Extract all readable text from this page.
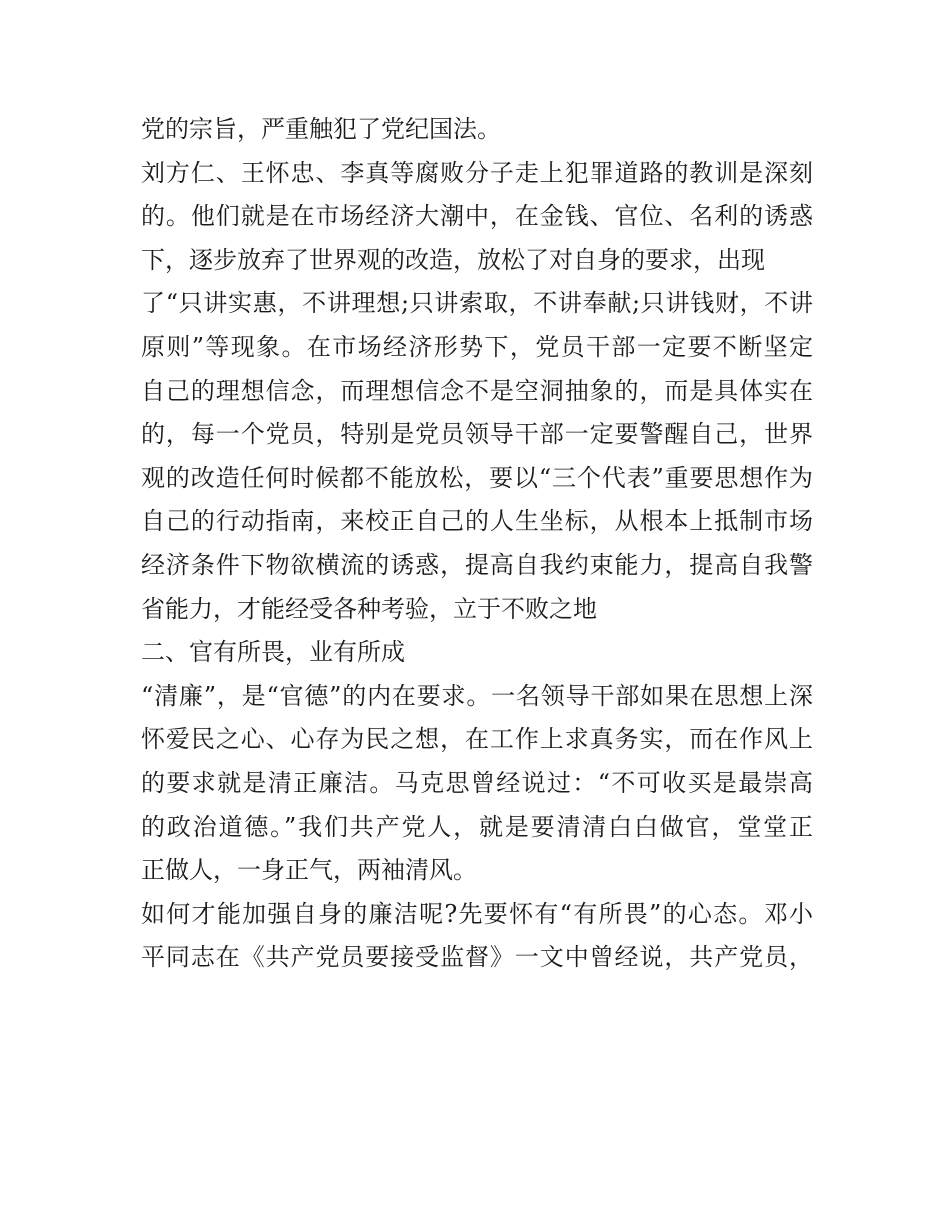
党的宗旨，严重触犯了党纪国法。
刘方仁、王怀忠、李真等腐败分子走上犯罪道路的教训是深刻
的。他们就是在市场经济大潮中，在金钱、官位、名利的诱惑
下，逐步放弃了世界观的改造，放松了对自身的要求，出现
了“只讲实惠，不讲理想;只讲索取，不讲奉献;只讲钱财，不讲
原则”等现象。在市场经济形势下，党员干部一定要不断坚定
自己的理想信念，而理想信念不是空洞抽象的，而是具体实在
的，每一个党员，特别是党员领导干部一定要警醒自己，世界
观的改造任何时候都不能放松，要以“三个代表”重要思想作为
自己的行动指南，来校正自己的人生坐标，从根本上抵制市场
经济条件下物欲横流的诱惑，提高自我约束能力，提高自我警
省能力，才能经受各种考验，立于不败之地
二、官有所畏，业有所成
“清廉”，是“官德”的内在要求。一名领导干部如果在思想上深
怀爱民之心、心存为民之想，在工作上求真务实，而在作风上
的要求就是清正廉洁。马克思曾经说过：“不可收买是最崇高
的政治道德。”我们共产党人，就是要清清白白做官，堂堂正
正做人，一身正气，两袖清风。
如何才能加强自身的廉洁呢?先要怀有“有所畏”的心态。邓小
平同志在《共产党员要接受监督》一文中曾经说，共产党员，
